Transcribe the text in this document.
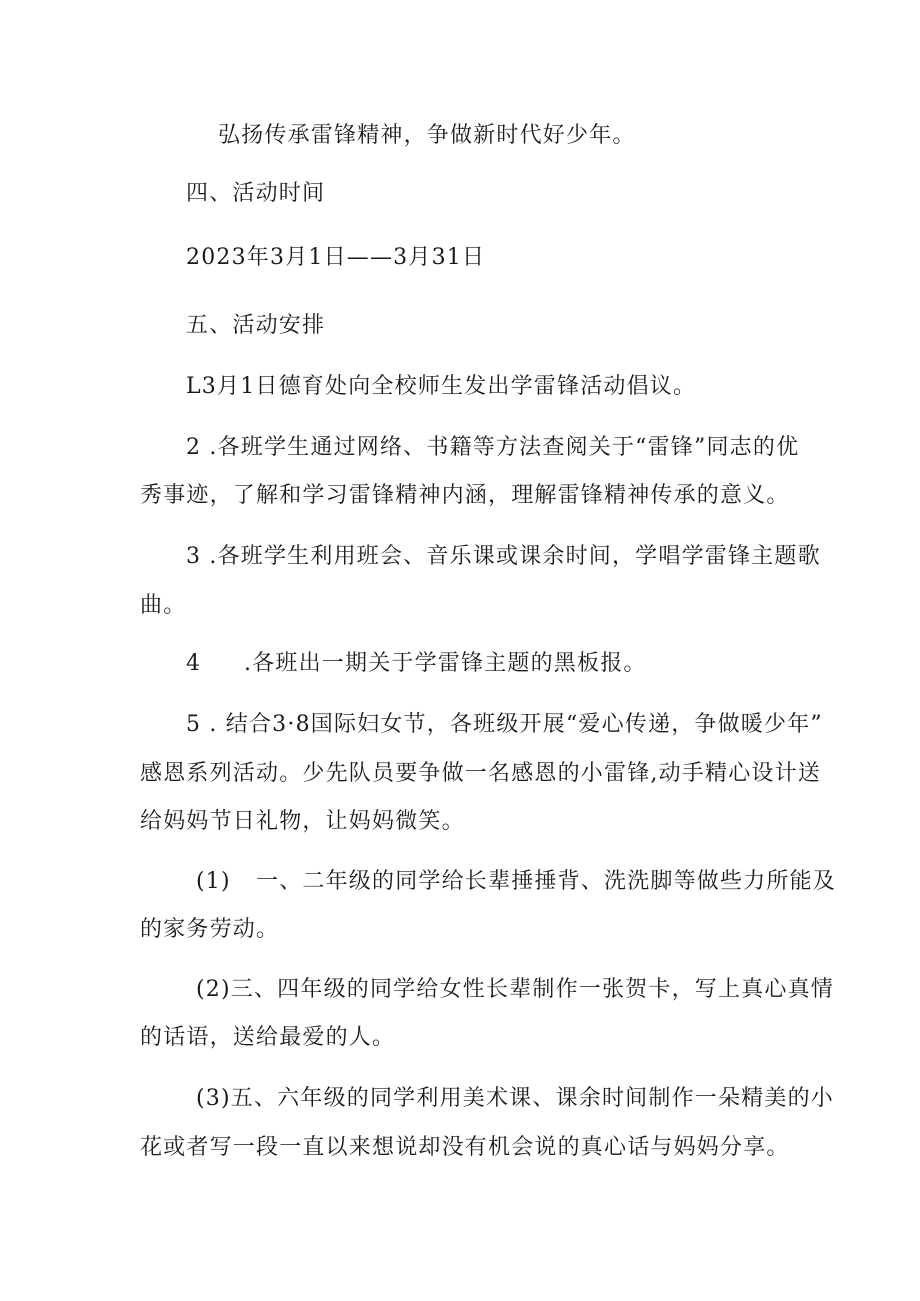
弘扬传承雷锋精神，争做新时代好少年。
四、活动时间
2023年3月1日——3月31日
五、活动安排
L3月1日德育处向全校师生发出学雷锋活动倡议。
2 .各班学生通过网络、书籍等方法查阅关于“雷锋”同志的优
秀事迹，了解和学习雷锋精神内涵，理解雷锋精神传承的意义。
3 .各班学生利用班会、音乐课或课余时间，学唱学雷锋主题歌
曲。
4 .各班出一期关于学雷锋主题的黑板报。
5 . 结合3·8国际妇女节，各班级开展“爱心传递，争做暖少年”
感恩系列活动。少先队员要争做一名感恩的小雷锋,动手精心设计送
给妈妈节日礼物，让妈妈微笑。
(1) 一、二年级的同学给长辈捶捶背、洗洗脚等做些力所能及
的家务劳动。
(2)三、四年级的同学给女性长辈制作一张贺卡，写上真心真情
的话语，送给最爱的人。
(3)五、六年级的同学利用美术课、课余时间制作一朵精美的小
花或者写一段一直以来想说却没有机会说的真心话与妈妈分享。
